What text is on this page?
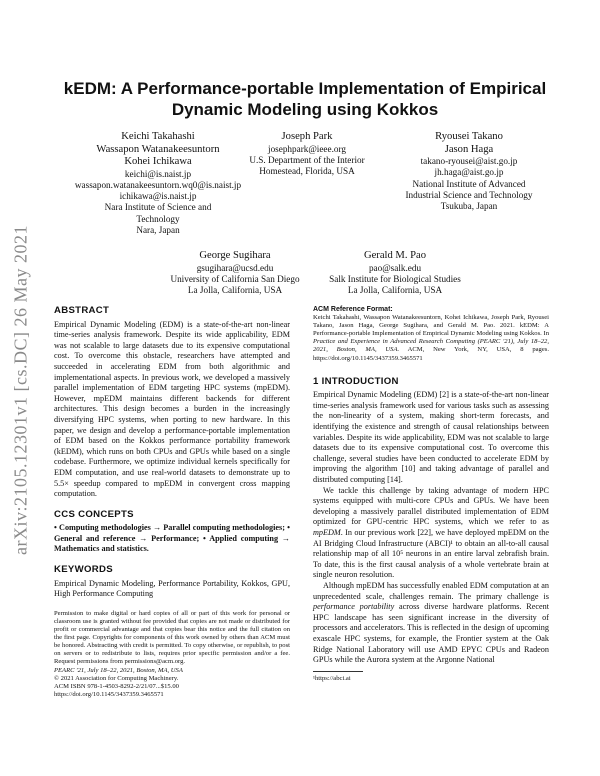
arXiv:2105.12301v1 [cs.DC] 26 May 2021
kEDM: A Performance-portable Implementation of Empirical
Dynamic Modeling using Kokkos
Keichi Takahashi
Wassapon Watanakeesuntorn
Kohei Ichikawa
keichi@is.naist.jp
wassapon.watanakeesuntorn.wq0@is.naist.jp
ichikawa@is.naist.jp
Nara Institute of Science and
Technology
Nara, Japan
Joseph Park
josephpark@ieee.org
U.S. Department of the Interior
Homestead, Florida, USA
Ryousei Takano
Jason Haga
takano-ryousei@aist.go.jp
jh.haga@aist.go.jp
National Institute of Advanced
Industrial Science and Technology
Tsukuba, Japan
George Sugihara
gsugihara@ucsd.edu
University of California San Diego
La Jolla, California, USA
Gerald M. Pao
pao@salk.edu
Salk Institute for Biological Studies
La Jolla, California, USA
ABSTRACT

Empirical Dynamic Modeling (EDM) is a state-of-the-art non-linear time-series analysis framework. Despite its wide applicability, EDM was not scalable to large datasets due to its expensive computational cost. To overcome this obstacle, researchers have attempted and succeeded in accelerating EDM from both algorithmic and implementational aspects. In previous work, we developed a massively parallel implementation of EDM targeting HPC systems (mpEDM). However, mpEDM maintains different backends for different architectures. This design becomes a burden in the increasingly diversifying HPC systems, when porting to new hardware. In this paper, we design and develop a performance-portable implementation of EDM based on the Kokkos performance portability framework (kEDM), which runs on both CPUs and GPUs while based on a single codebase. Furthermore, we optimize individual kernels specifically for EDM computation, and use real-world datasets to demonstrate up to 5.5× speedup compared to mpEDM in convergent cross mapping computation.

CCS CONCEPTS

• Computing methodologies → Parallel computing methodologies; • General and reference → Performance; • Applied computing → Mathematics and statistics.

KEYWORDS

Empirical Dynamic Modeling, Performance Portability, Kokkos, GPU, High Performance Computing

Permission to make digital or hard copies of all or part of this work for personal or classroom use is granted without fee provided that copies are not made or distributed for profit or commercial advantage and that copies bear this notice and the full citation on the first page. Copyrights for components of this work owned by others than ACM must be honored. Abstracting with credit is permitted. To copy otherwise, or republish, to post on servers or to redistribute to lists, requires prior specific permission and/or a fee. Request permissions from permissions@acm.org.

PEARC '21, July 18–22, 2021, Boston, MA, USA
© 2021 Association for Computing Machinery.
ACM ISBN 978-1-4503-8292-2/21/07...$15.00
https://doi.org/10.1145/3437359.3465571
ACM Reference Format:

Keichi Takahashi, Wassapon Watanakeesuntorn, Kohei Ichikawa, Joseph Park, Ryousei Takano, Jason Haga, George Sugihara, and Gerald M. Pao. 2021. kEDM: A Performance-portable Implementation of Empirical Dynamic Modeling using Kokkos. In Practice and Experience in Advanced Research Computing (PEARC '21), July 18–22, 2021, Boston, MA, USA. ACM, New York, NY, USA, 8 pages. https://doi.org/10.1145/3437359.3465571

1 INTRODUCTION

Empirical Dynamic Modeling (EDM) [2] is a state-of-the-art non-linear time-series analysis framework used for various tasks such as assessing the non-linearity of a system, making short-term forecasts, and identifying the existence and strength of causal relationships between variables. Despite its wide applicability, EDM was not scalable to large datasets due to its expensive computational cost. To overcome this challenge, several studies have been conducted to accelerate EDM by improving the algorithm [10] and taking advantage of parallel and distributed computing [14].

We tackle this challenge by taking advantage of modern HPC systems equipped with multi-core CPUs and GPUs. We have been developing a massively parallel distributed implementation of EDM optimized for GPU-centric HPC systems, which we refer to as mpEDM. In our previous work [22], we have deployed mpEDM on the AI Bridging Cloud Infrastructure (ABCI)¹ to obtain an all-to-all causal relationship map of all 10⁵ neurons in an entire larval zebrafish brain. To date, this is the first causal analysis of a whole vertebrate brain at single neuron resolution.

Although mpEDM has successfully enabled EDM computation at an unprecedented scale, challenges remain. The primary challenge is performance portability across diverse hardware platforms. Recent HPC landscape has seen significant increase in the diversity of processors and accelerators. This is reflected in the design of upcoming exascale HPC systems, for example, the Frontier system at the Oak Ridge National Laboratory will use AMD EPYC CPUs and Radeon GPUs while the Aurora system at the Argonne National

¹https://abci.ai
